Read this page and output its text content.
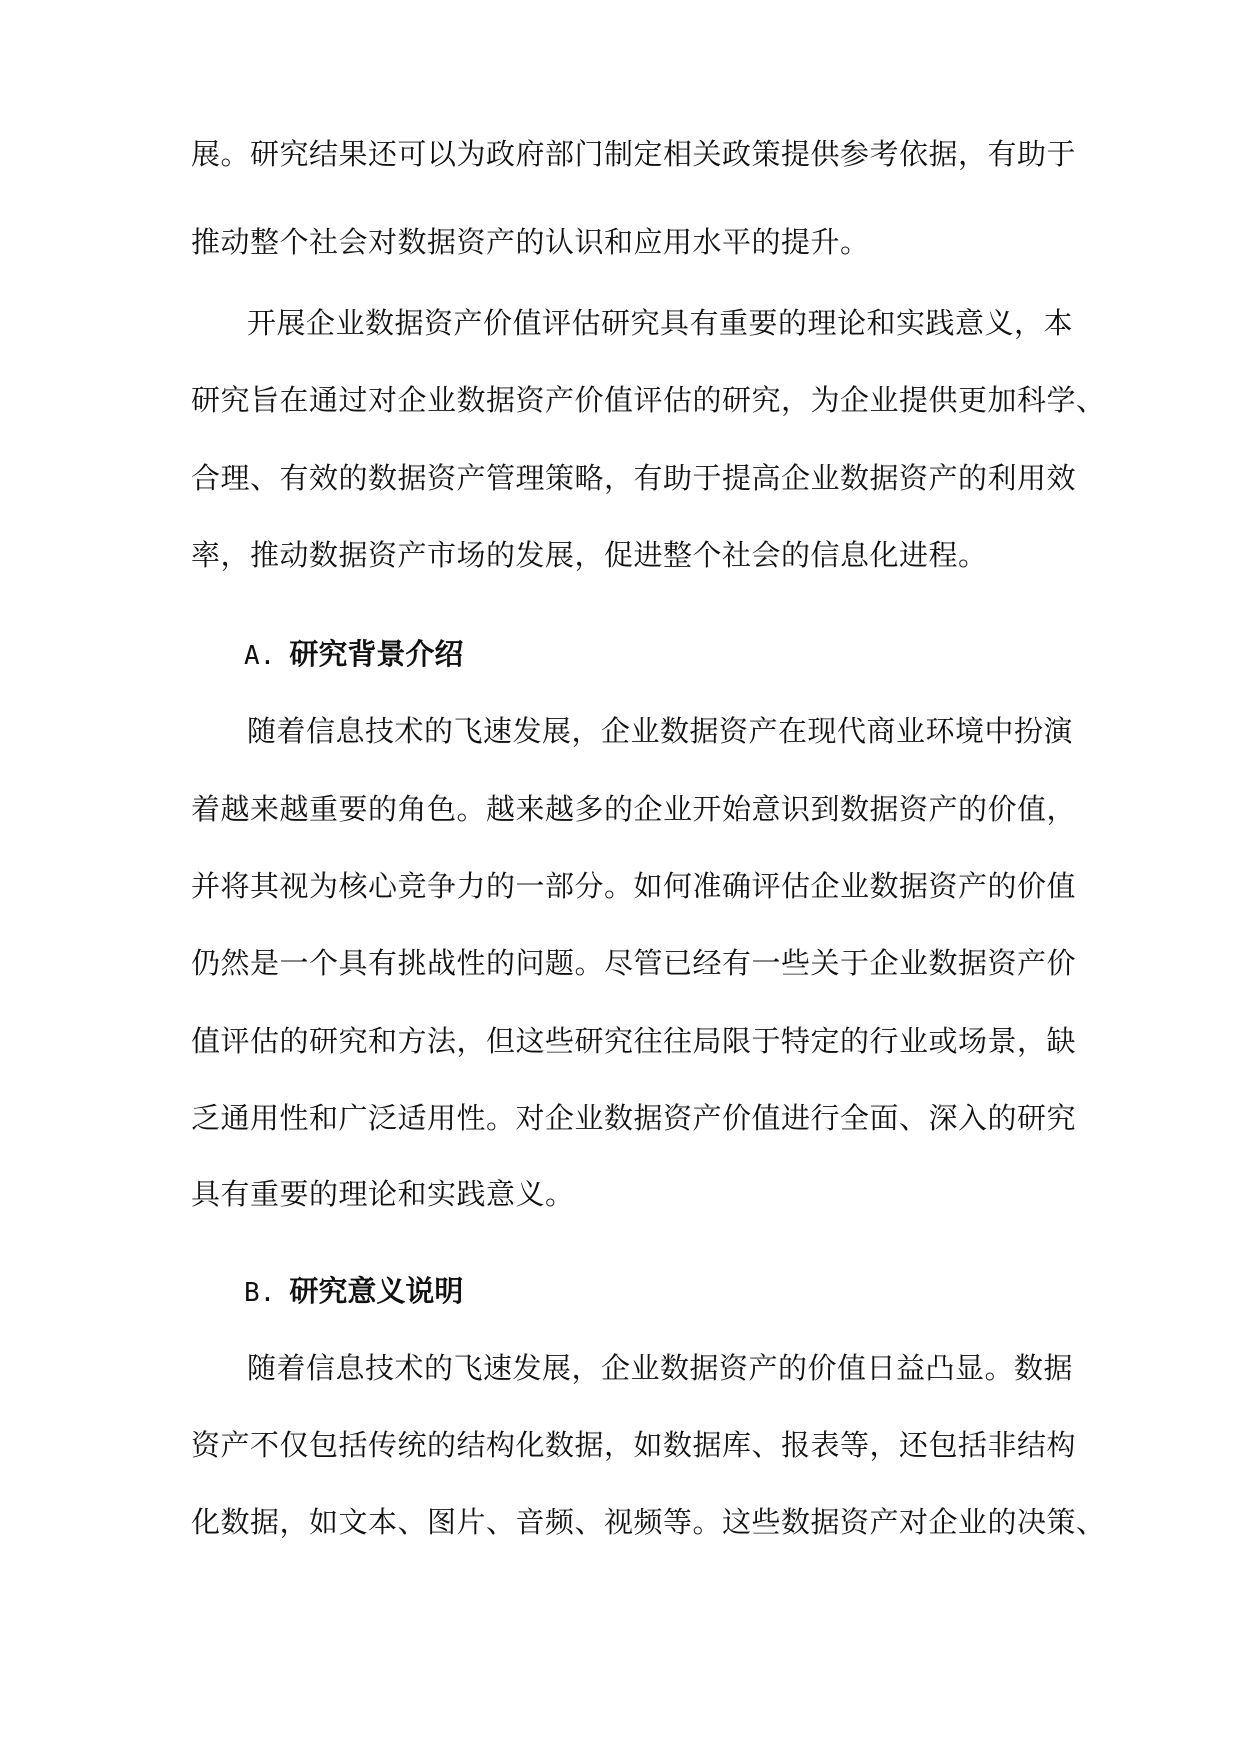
展。研究结果还可以为政府部门制定相关政策提供参考依据，有助于
推动整个社会对数据资产的认识和应用水平的提升。
开展企业数据资产价值评估研究具有重要的理论和实践意义，本
研究旨在通过对企业数据资产价值评估的研究，为企业提供更加科学、
合理、有效的数据资产管理策略，有助于提高企业数据资产的利用效
率，推动数据资产市场的发展，促进整个社会的信息化进程。
A. 研究背景介绍
随着信息技术的飞速发展，企业数据资产在现代商业环境中扮演
着越来越重要的角色。越来越多的企业开始意识到数据资产的价值，
并将其视为核心竞争力的一部分。如何准确评估企业数据资产的价值
仍然是一个具有挑战性的问题。尽管已经有一些关于企业数据资产价
值评估的研究和方法，但这些研究往往局限于特定的行业或场景，缺
乏通用性和广泛适用性。对企业数据资产价值进行全面、深入的研究
具有重要的理论和实践意义。
B. 研究意义说明
随着信息技术的飞速发展，企业数据资产的价值日益凸显。数据
资产不仅包括传统的结构化数据，如数据库、报表等，还包括非结构
化数据，如文本、图片、音频、视频等。这些数据资产对企业的决策、
